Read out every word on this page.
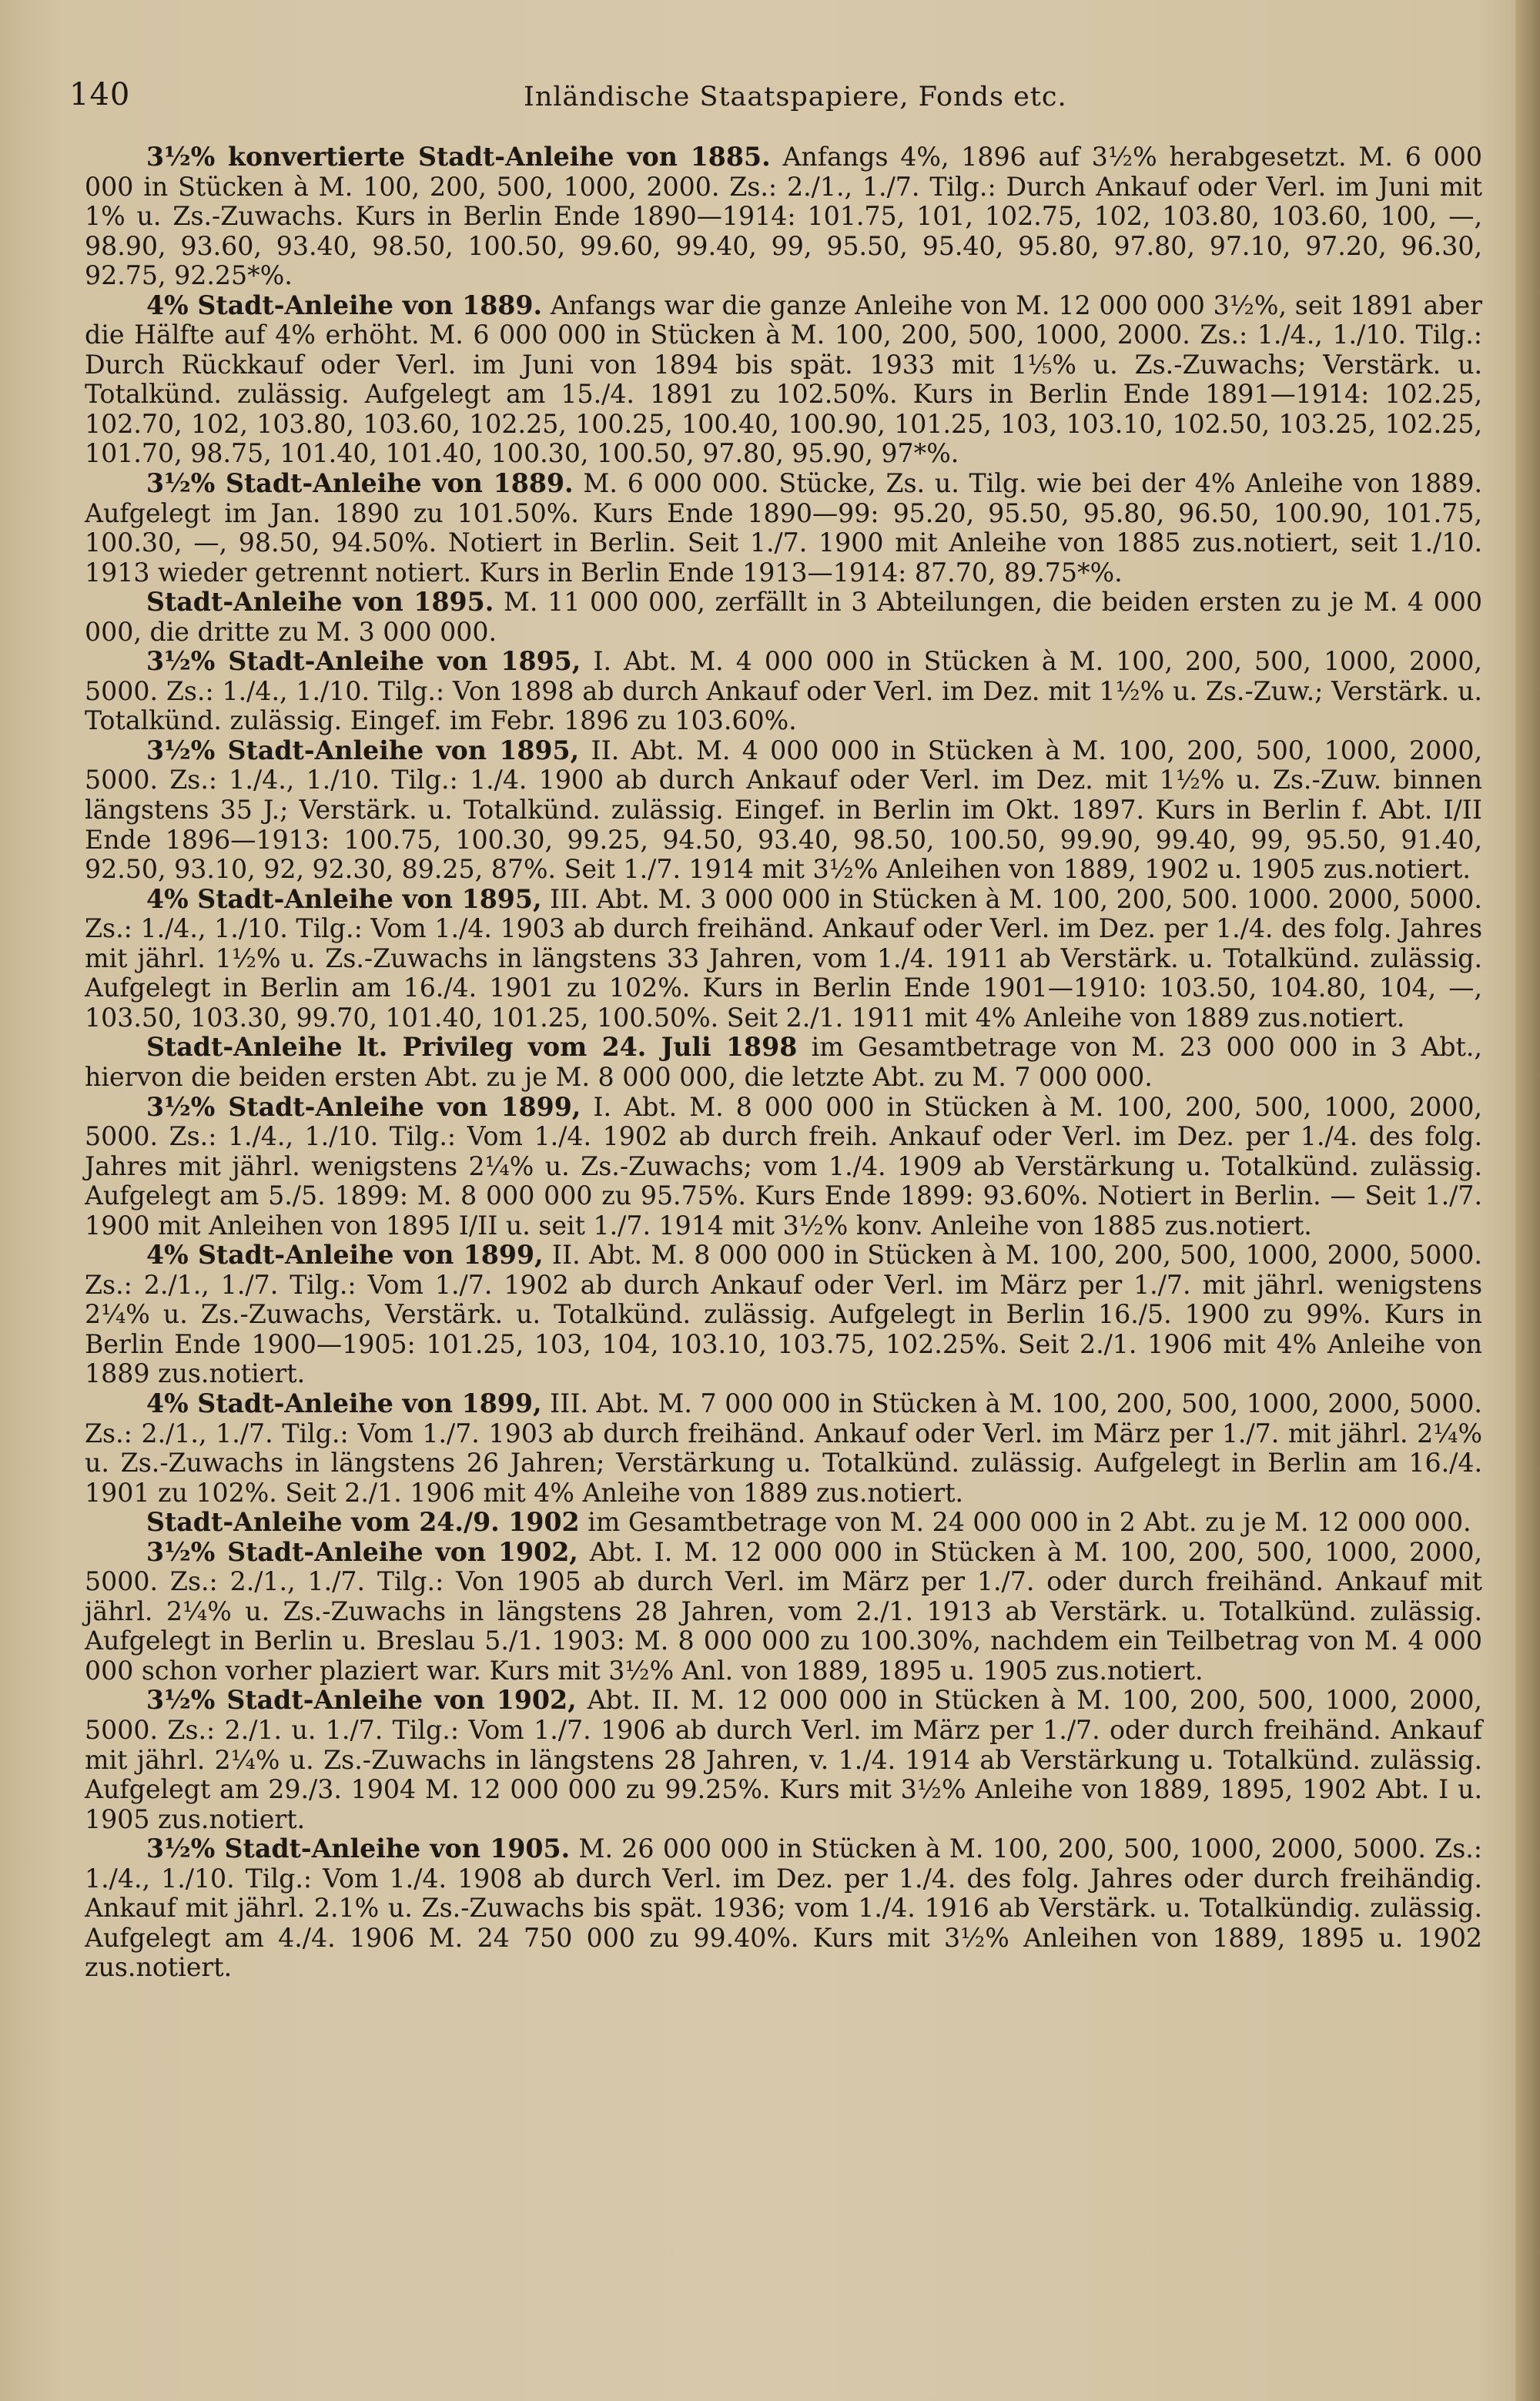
140	Inländische Staatspapiere, Fonds etc.

3½% konvertierte Stadt-Anleihe von 1885. Anfangs 4%, 1896 auf 3½% herabgesetzt. M. 6 000 000 in Stücken à M. 100, 200, 500, 1000, 2000. Zs.: 2./1., 1./7. Tilg.: Durch Ankauf oder Verl. im Juni mit 1% u. Zs.-Zuwachs. Kurs in Berlin Ende 1890—1914: 101.75, 101, 102.75, 102, 103.80, 103.60, 100, —, 98.90, 93.60, 93.40, 98.50, 100.50, 99.60, 99.40, 99, 95.50, 95.40, 95.80, 97.80, 97.10, 97.20, 96.30, 92.75, 92.25*%.

4% Stadt-Anleihe von 1889. Anfangs war die ganze Anleihe von M. 12 000 000 3½%, seit 1891 aber die Hälfte auf 4% erhöht. M. 6 000 000 in Stücken à M. 100, 200, 500, 1000, 2000. Zs.: 1./4., 1./10. Tilg.: Durch Rückkauf oder Verl. im Juni von 1894 bis spät. 1933 mit 1⅕% u. Zs.-Zuwachs; Verstärk. u. Totalkünd. zulässig. Aufgelegt am 15./4. 1891 zu 102.50%. Kurs in Berlin Ende 1891—1914: 102.25, 102.70, 102, 103.80, 103.60, 102.25, 100.25, 100.40, 100.90, 101.25, 103, 103.10, 102.50, 103.25, 102.25, 101.70, 98.75, 101.40, 101.40, 100.30, 100.50, 97.80, 95.90, 97*%.

3½% Stadt-Anleihe von 1889. M. 6 000 000. Stücke, Zs. u. Tilg. wie bei der 4% Anleihe von 1889. Aufgelegt im Jan. 1890 zu 101.50%. Kurs Ende 1890—99: 95.20, 95.50, 95.80, 96.50, 100.90, 101.75, 100.30, —, 98.50, 94.50%. Notiert in Berlin. Seit 1./7. 1900 mit Anleihe von 1885 zus.notiert, seit 1./10. 1913 wieder getrennt notiert. Kurs in Berlin Ende 1913—1914: 87.70, 89.75*%.

Stadt-Anleihe von 1895. M. 11 000 000, zerfällt in 3 Abteilungen, die beiden ersten zu je M. 4 000 000, die dritte zu M. 3 000 000.

3½% Stadt-Anleihe von 1895, I. Abt. M. 4 000 000 in Stücken à M. 100, 200, 500, 1000, 2000, 5000. Zs.: 1./4., 1./10. Tilg.: Von 1898 ab durch Ankauf oder Verl. im Dez. mit 1½% u. Zs.-Zuw.; Verstärk. u. Totalkünd. zulässig. Eingef. im Febr. 1896 zu 103.60%.

3½% Stadt-Anleihe von 1895, II. Abt. M. 4 000 000 in Stücken à M. 100, 200, 500, 1000, 2000, 5000. Zs.: 1./4., 1./10. Tilg.: 1./4. 1900 ab durch Ankauf oder Verl. im Dez. mit 1½% u. Zs.-Zuw. binnen längstens 35 J.; Verstärk. u. Totalkünd. zulässig. Eingef. in Berlin im Okt. 1897. Kurs in Berlin f. Abt. I/II Ende 1896—1913: 100.75, 100.30, 99.25, 94.50, 93.40, 98.50, 100.50, 99.90, 99.40, 99, 95.50, 91.40, 92.50, 93.10, 92, 92.30, 89.25, 87%. Seit 1./7. 1914 mit 3½% Anleihen von 1889, 1902 u. 1905 zus.notiert.

4% Stadt-Anleihe von 1895, III. Abt. M. 3 000 000 in Stücken à M. 100, 200, 500. 1000. 2000, 5000. Zs.: 1./4., 1./10. Tilg.: Vom 1./4. 1903 ab durch freihänd. Ankauf oder Verl. im Dez. per 1./4. des folg. Jahres mit jährl. 1½% u. Zs.-Zuwachs in längstens 33 Jahren, vom 1./4. 1911 ab Verstärk. u. Totalkünd. zulässig. Aufgelegt in Berlin am 16./4. 1901 zu 102%. Kurs in Berlin Ende 1901—1910: 103.50, 104.80, 104, —, 103.50, 103.30, 99.70, 101.40, 101.25, 100.50%. Seit 2./1. 1911 mit 4% Anleihe von 1889 zus.notiert.

Stadt-Anleihe lt. Privileg vom 24. Juli 1898 im Gesamtbetrage von M. 23 000 000 in 3 Abt., hiervon die beiden ersten Abt. zu je M. 8 000 000, die letzte Abt. zu M. 7 000 000.

3½% Stadt-Anleihe von 1899, I. Abt. M. 8 000 000 in Stücken à M. 100, 200, 500, 1000, 2000, 5000. Zs.: 1./4., 1./10. Tilg.: Vom 1./4. 1902 ab durch freih. Ankauf oder Verl. im Dez. per 1./4. des folg. Jahres mit jährl. wenigstens 2¼% u. Zs.-Zuwachs; vom 1./4. 1909 ab Verstärkung u. Totalkünd. zulässig. Aufgelegt am 5./5. 1899: M. 8 000 000 zu 95.75%. Kurs Ende 1899: 93.60%. Notiert in Berlin. — Seit 1./7. 1900 mit Anleihen von 1895 I/II u. seit 1./7. 1914 mit 3½% konv. Anleihe von 1885 zus.notiert.

4% Stadt-Anleihe von 1899, II. Abt. M. 8 000 000 in Stücken à M. 100, 200, 500, 1000, 2000, 5000. Zs.: 2./1., 1./7. Tilg.: Vom 1./7. 1902 ab durch Ankauf oder Verl. im März per 1./7. mit jährl. wenigstens 2¼% u. Zs.-Zuwachs, Verstärk. u. Totalkünd. zulässig. Aufgelegt in Berlin 16./5. 1900 zu 99%. Kurs in Berlin Ende 1900—1905: 101.25, 103, 104, 103.10, 103.75, 102.25%. Seit 2./1. 1906 mit 4% Anleihe von 1889 zus.notiert.

4% Stadt-Anleihe von 1899, III. Abt. M. 7 000 000 in Stücken à M. 100, 200, 500, 1000, 2000, 5000. Zs.: 2./1., 1./7. Tilg.: Vom 1./7. 1903 ab durch freihänd. Ankauf oder Verl. im März per 1./7. mit jährl. 2¼% u. Zs.-Zuwachs in längstens 26 Jahren; Verstärkung u. Totalkünd. zulässig. Aufgelegt in Berlin am 16./4. 1901 zu 102%. Seit 2./1. 1906 mit 4% Anleihe von 1889 zus.notiert.

Stadt-Anleihe vom 24./9. 1902 im Gesamtbetrage von M. 24 000 000 in 2 Abt. zu je M. 12 000 000.

3½% Stadt-Anleihe von 1902, Abt. I. M. 12 000 000 in Stücken à M. 100, 200, 500, 1000, 2000, 5000. Zs.: 2./1., 1./7. Tilg.: Von 1905 ab durch Verl. im März per 1./7. oder durch freihänd. Ankauf mit jährl. 2¼% u. Zs.-Zuwachs in längstens 28 Jahren, vom 2./1. 1913 ab Verstärk. u. Totalkünd. zulässig. Aufgelegt in Berlin u. Breslau 5./1. 1903: M. 8 000 000 zu 100.30%, nachdem ein Teilbetrag von M. 4 000 000 schon vorher plaziert war. Kurs mit 3½% Anl. von 1889, 1895 u. 1905 zus.notiert.

3½% Stadt-Anleihe von 1902, Abt. II. M. 12 000 000 in Stücken à M. 100, 200, 500, 1000, 2000, 5000. Zs.: 2./1. u. 1./7. Tilg.: Vom 1./7. 1906 ab durch Verl. im März per 1./7. oder durch freihänd. Ankauf mit jährl. 2¼% u. Zs.-Zuwachs in längstens 28 Jahren, v. 1./4. 1914 ab Verstärkung u. Totalkünd. zulässig. Aufgelegt am 29./3. 1904 M. 12 000 000 zu 99.25%. Kurs mit 3½% Anleihe von 1889, 1895, 1902 Abt. I u. 1905 zus.notiert.

3½% Stadt-Anleihe von 1905. M. 26 000 000 in Stücken à M. 100, 200, 500, 1000, 2000, 5000. Zs.: 1./4., 1./10. Tilg.: Vom 1./4. 1908 ab durch Verl. im Dez. per 1./4. des folg. Jahres oder durch freihändig. Ankauf mit jährl. 2.1% u. Zs.-Zuwachs bis spät. 1936; vom 1./4. 1916 ab Verstärk. u. Totalkündig. zulässig. Aufgelegt am 4./4. 1906 M. 24 750 000 zu 99.40%. Kurs mit 3½% Anleihen von 1889, 1895 u. 1902 zus.notiert.
